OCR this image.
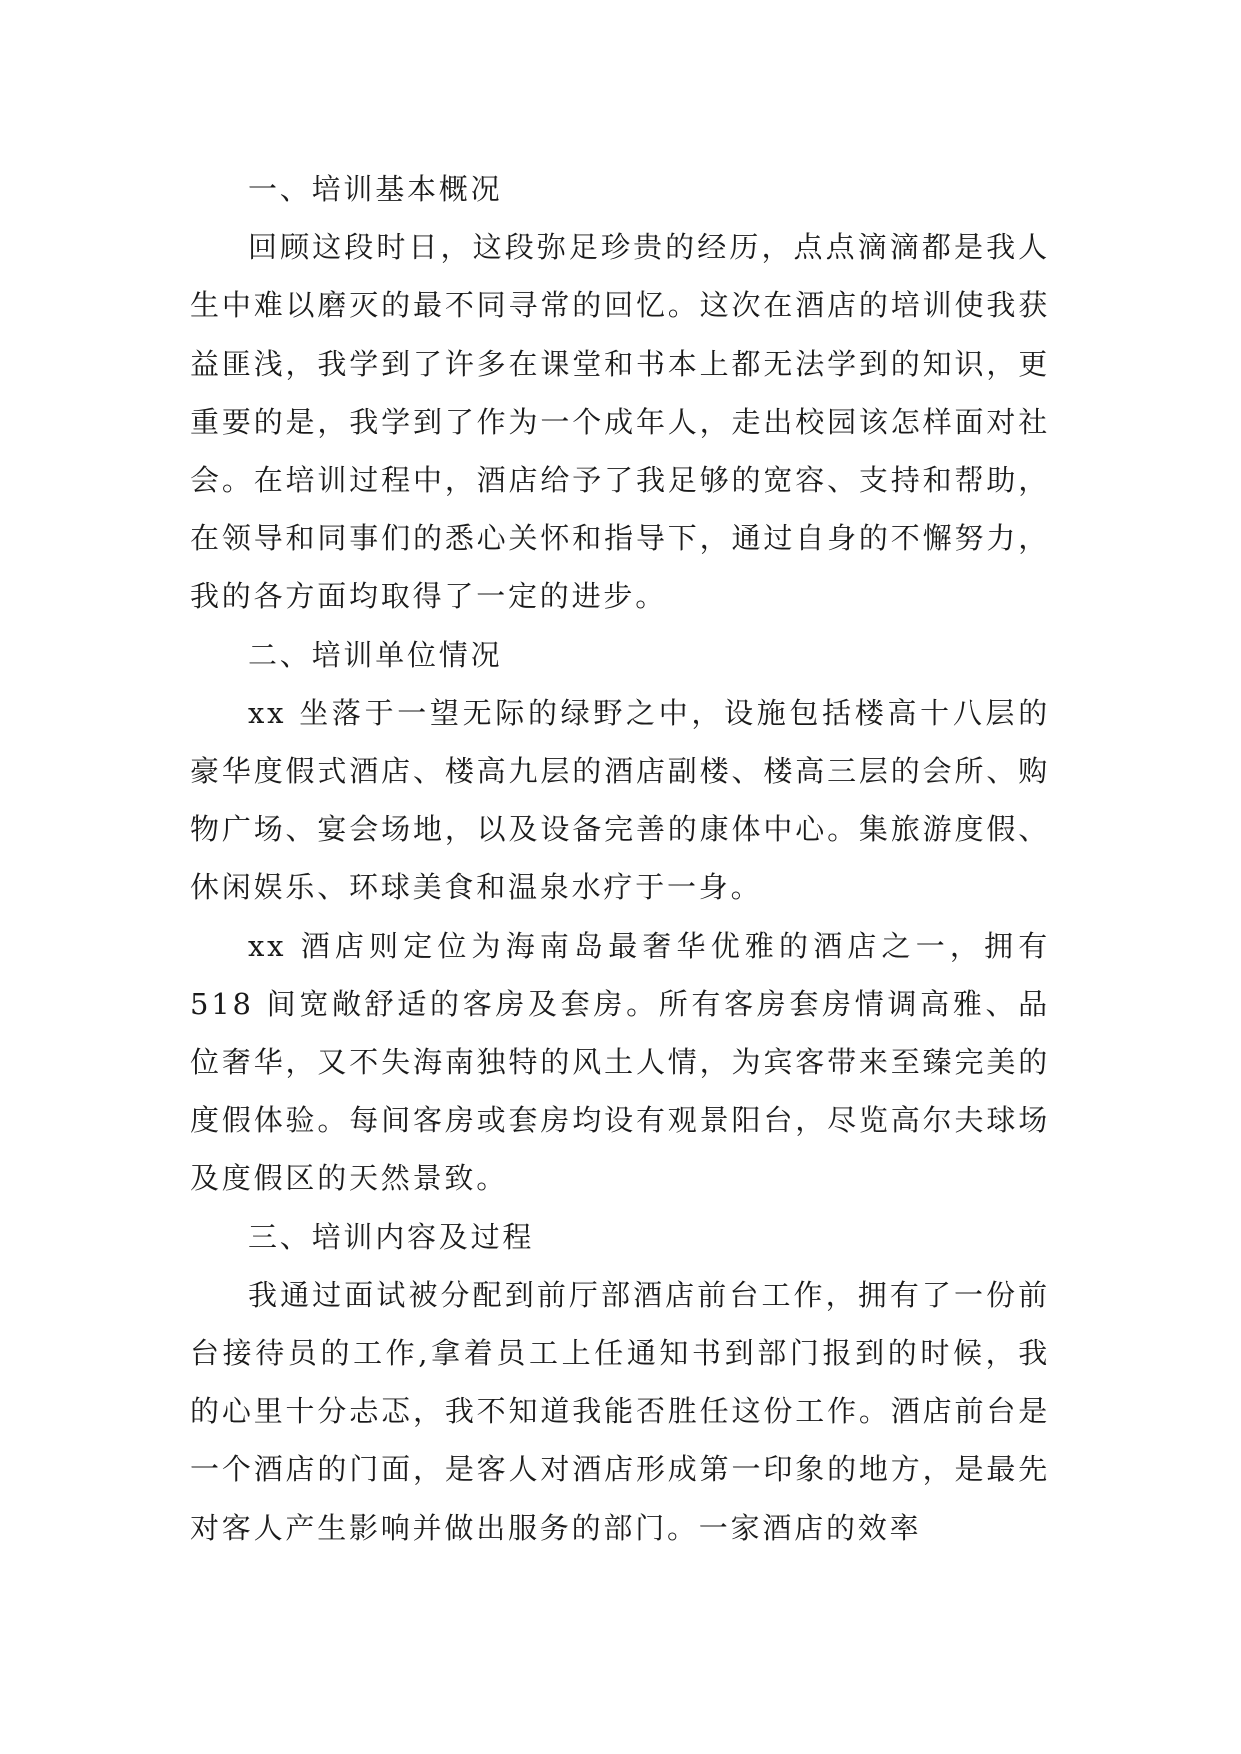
一、培训基本概况

回顾这段时日，这段弥足珍贵的经历，点点滴滴都是我人生中难以磨灭的最不同寻常的回忆。这次在酒店的培训使我获益匪浅，我学到了许多在课堂和书本上都无法学到的知识，更重要的是，我学到了作为一个成年人，走出校园该怎样面对社会。在培训过程中，酒店给予了我足够的宽容、支持和帮助，在领导和同事们的悉心关怀和指导下，通过自身的不懈努力，我的各方面均取得了一定的进步。

二、培训单位情况

xx 坐落于一望无际的绿野之中，设施包括楼高十八层的豪华度假式酒店、楼高九层的酒店副楼、楼高三层的会所、购物广场、宴会场地，以及设备完善的康体中心。集旅游度假、休闲娱乐、环球美食和温泉水疗于一身。

xx 酒店则定位为海南岛最奢华优雅的酒店之一，拥有518 间宽敞舒适的客房及套房。所有客房套房情调高雅、品位奢华，又不失海南独特的风土人情，为宾客带来至臻完美的度假体验。每间客房或套房均设有观景阳台，尽览高尔夫球场及度假区的天然景致。

三、培训内容及过程

我通过面试被分配到前厅部酒店前台工作，拥有了一份前台接待员的工作,拿着员工上任通知书到部门报到的时候，我的心里十分忐忑，我不知道我能否胜任这份工作。酒店前台是一个酒店的门面，是客人对酒店形成第一印象的地方，是最先对客人产生影响并做出服务的部门。一家酒店的效率
